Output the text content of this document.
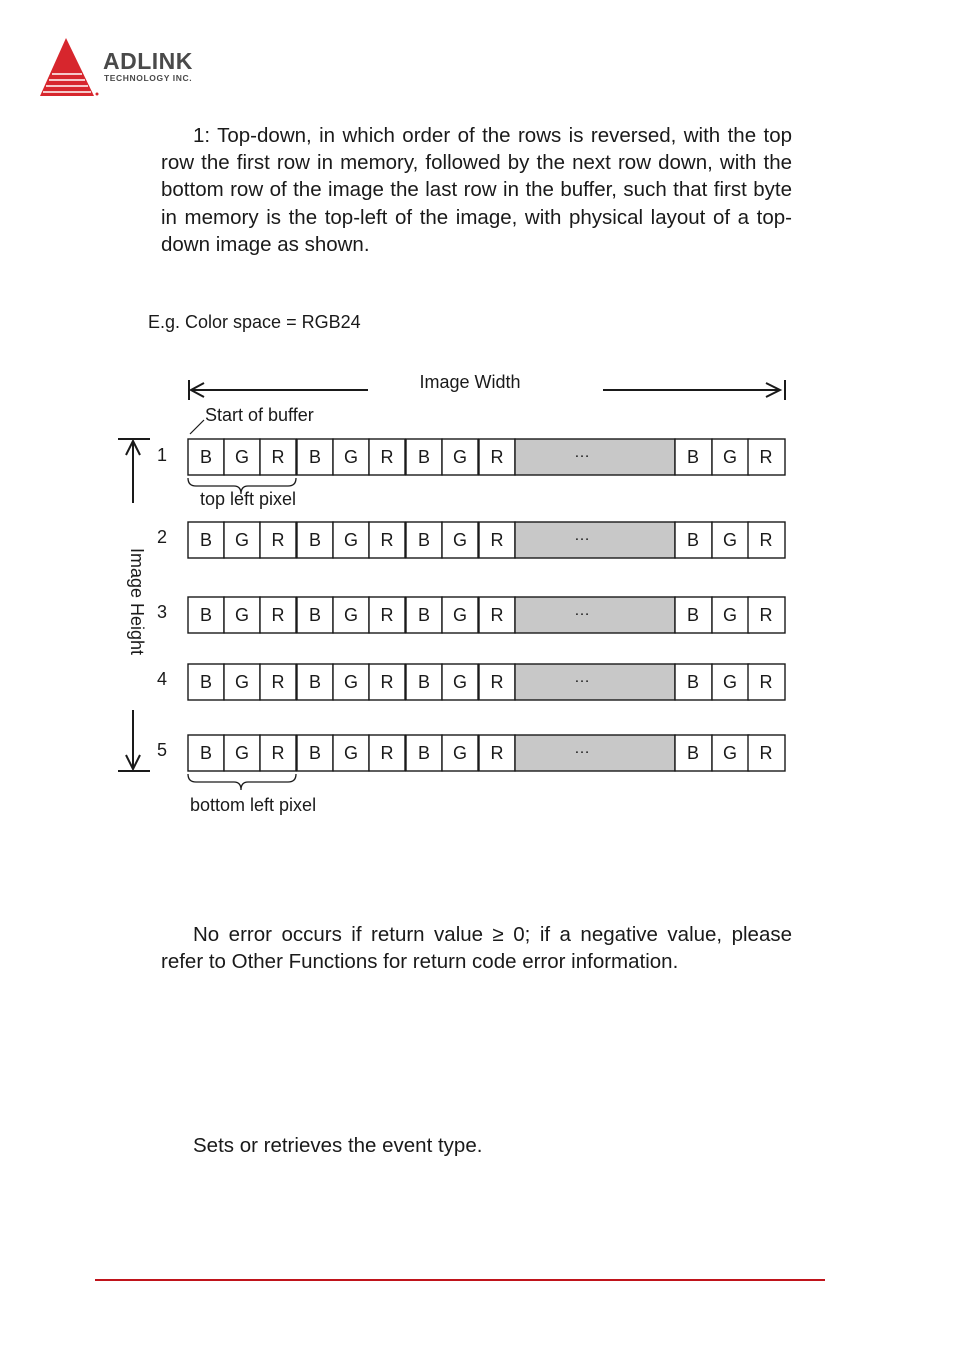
ADLINK
TECHNOLOGY INC.
1: Top-down, in which order of the rows is reversed, with the top row the first row in memory, followed by the next row down, with the bottom row of the image the last row in the buffer, such that first byte in memory is the top-left of the image, with physical layout of a top-down image as shown.
E.g. Color space = RGB24
Image Width
Start of buffer
Image Height
top left pixel
bottom left pixel
1 B G R B G R B G R	…	B G R
2 B G R B G R B G R	…	B G R
3 B G R B G R B G R	…	B G R
4 B G R B G R B G R	…	B G R
5 B G R B G R B G R	…	B G R
No error occurs if return value ≥ 0; if a negative value, please refer to Other Functions for return code error information.
Sets or retrieves the event type.
